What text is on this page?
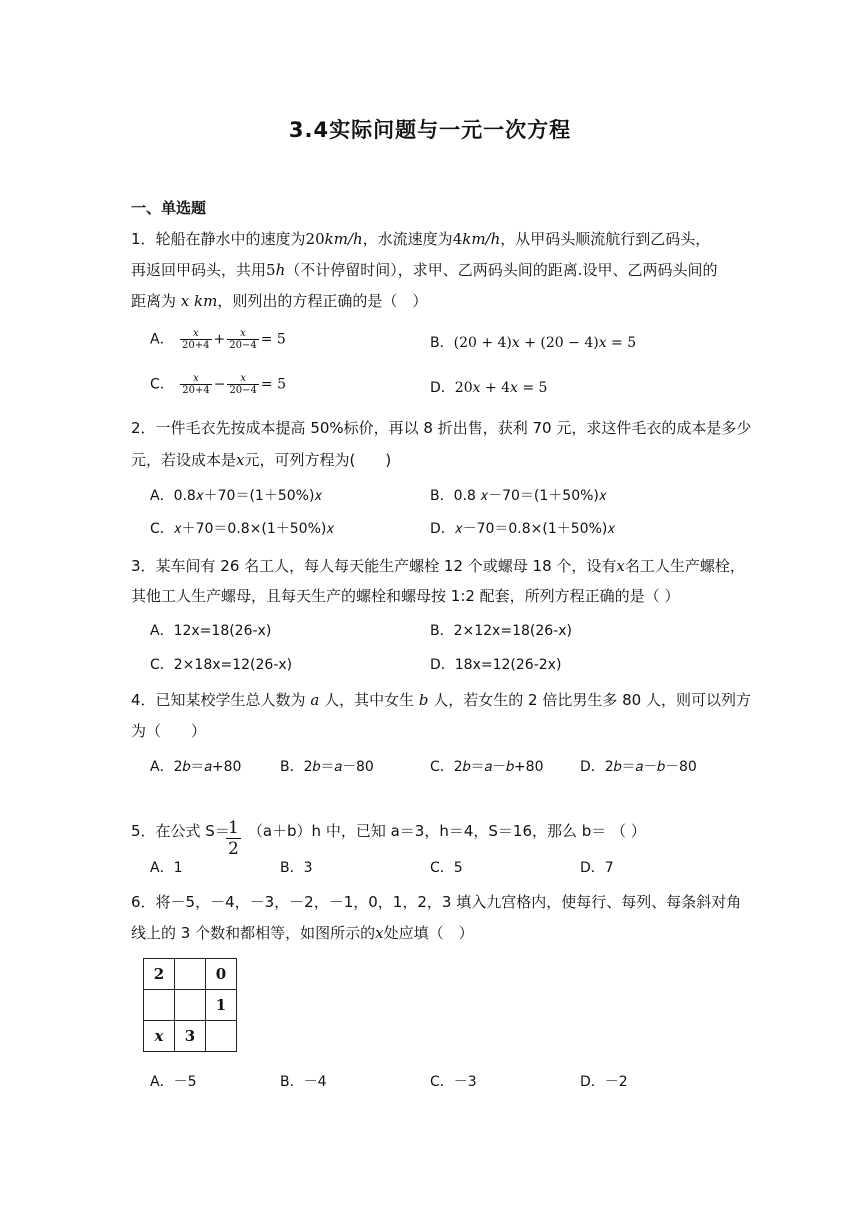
3.4实际问题与一元一次方程
一、单选题
1．轮船在静水中的速度为20km/ℎ，水流速度为4km/ℎ，从甲码头顺流航行到乙码头，
再返回甲码头，共用5ℎ（不计停留时间），求甲、乙两码头间的距离.设甲、乙两码头间的
距离为 x km，则列出的方程正确的是（　）
A． $\frac{x}{20+4} + \frac{x}{20-4} = 5$	B．(20 + 4)𝑥 + (20 − 4)𝑥 = 5
C． $\frac{x}{20+4} - \frac{x}{20-4} = 5$	D．20𝑥 + 4𝑥 = 5
2．一件毛衣先按成本提高 50%标价，再以 8 折出售，获利 70 元，求这件毛衣的成本是多少
元，若设成本是x元，可列方程为(　　)
A．0.8𝑥＋70＝(1＋50%)𝑥	B．0.8 𝑥－70＝(1＋50%)𝑥
C．𝑥＋70＝0.8×(1＋50%)𝑥	D．𝑥－70＝0.8×(1＋50%)𝑥
3．某车间有 26 名工人，每人每天能生产螺栓 12 个或螺母 18 个，设有x名工人生产螺栓，
其他工人生产螺母，且每天生产的螺栓和螺母按 1:2 配套，所列方程正确的是（ ）
A．12x=18(26-x)	B．2×12x=18(26-x)
C．2×18x=12(26-x)	D．18x=12(26-2x)
4．已知某校学生总人数为 a 人，其中女生 b 人，若女生的 2 倍比男生多 80 人，则可以列方
为（　　）
A．2𝑏＝𝑎+80	B．2𝑏＝𝑎－80	C．2𝑏＝𝑎－𝑏+80	D．2𝑏＝𝑎－𝑏－80
$\frac{1}{2}$
5．在公式 S＝ （a＋b）h 中，已知 a＝3，h＝4，S＝16，那么 b＝ （ ）
A．1	B．3	C．5	D．7
6．将－5，－4，－3，－2，－1，0，1，2，3 填入九宫格内，使每行、每列、每条斜对角
线上的 3 个数和都相等，如图所示的x处应填（　）
2		0
		1
x	3	
A．－5	B．－4	C．－3	D．－2
